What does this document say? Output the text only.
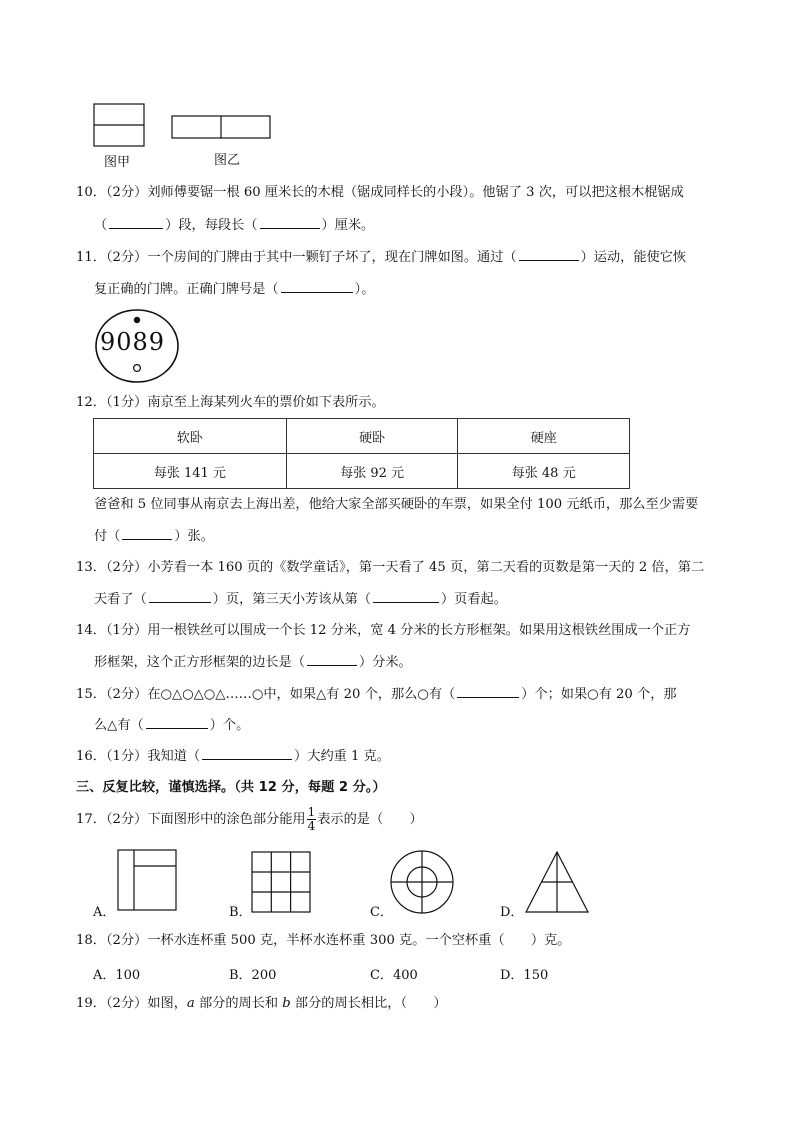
图甲	图乙
10．（2分）刘师傅要锯一根 60 厘米长的木棍（锯成同样长的小段）。他锯了 3 次，可以把这根木棍锯成
（	）段，每段长（	）厘米。
11．（2分）一个房间的门牌由于其中一颗钉子坏了，现在门牌如图。通过（	）运动，能使它恢
复正确的门牌。正确门牌号是（	）。
9089
12．（1分）南京至上海某列火车的票价如下表所示。
软卧	硬卧	硬座
每张 141 元	每张 92 元	每张 48 元
爸爸和 5 位同事从南京去上海出差，他给大家全部买硬卧的车票，如果全付 100 元纸币，那么至少需要
付（	）张。
13．（2分）小芳看一本 160 页的《数学童话》，第一天看了 45 页，第二天看的页数是第一天的 2 倍，第二
天看了（	）页，第三天小芳该从第（	）页看起。
14．（1分）用一根铁丝可以围成一个长 12 分米，宽 4 分米的长方形框架。如果用这根铁丝围成一个正方
形框架，这个正方形框架的边长是（	）分米。
15．（2分）在○△○△○△……○中，如果△有 20 个，那么○有（	）个；如果○有 20 个，那
么△有（	）个。
16．（1分）我知道（	）大约重 1 克。
三、反复比较，谨慎选择。（共 12 分，每题 2 分。）
17．（2分）下面图形中的涂色部分能用 $\frac{1}{4}$ 表示的是（　　）
A．	B．	C．	D．
18．（2分）一杯水连杯重 500 克，半杯水连杯重 300 克。一个空杯重（　　）克。
A．100	B．200	C．400	D．150
19．（2分）如图，a 部分的周长和 b 部分的周长相比，（　　）
